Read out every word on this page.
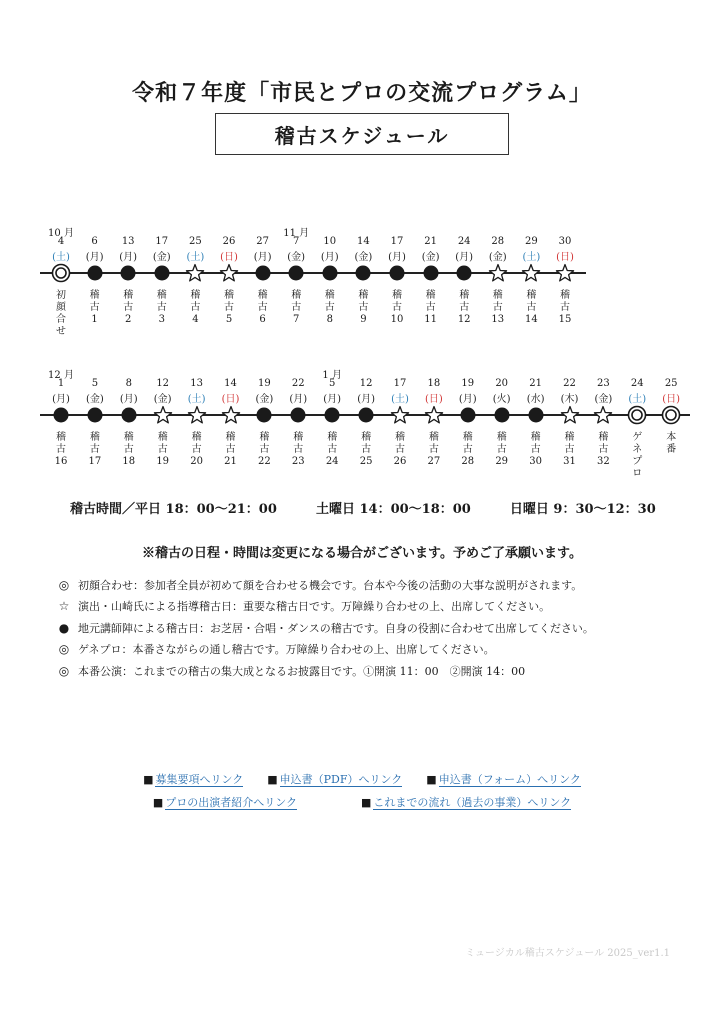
令和７年度「市民とプロの交流プログラム」
稽古スケジュール
10 月
4
(土)
初
顔
合
せ
6
(月)
稽
古
1
13
(月)
稽
古
2
17
(金)
稽
古
3
25
(土)
稽
古
4
26
(日)
稽
古
5
27
(月)
稽
古
6
11 月
7
(金)
稽
古
7
10
(月)
稽
古
8
14
(金)
稽
古
9
17
(月)
稽
古
10
21
(金)
稽
古
11
24
(月)
稽
古
12
28
(金)
稽
古
13
29
(土)
稽
古
14
30
(日)
稽
古
15
12 月
1
(月)
稽
古
16
5
(金)
稽
古
17
8
(月)
稽
古
18
12
(金)
稽
古
19
13
(土)
稽
古
20
14
(日)
稽
古
21
19
(金)
稽
古
22
22
(月)
稽
古
23
1 月
5
(月)
稽
古
24
12
(月)
稽
古
25
17
(土)
稽
古
26
18
(日)
稽
古
27
19
(月)
稽
古
28
20
(火)
稽
古
29
21
(水)
稽
古
30
22
(木)
稽
古
31
23
(金)
稽
古
32
24
(土)
ゲ
ネ
プ
ロ
25
(日)
本
番
稽古時間／平日 18：00～21：00	土曜日 14：00～18：00	日曜日 9：30～12：30
※稽古の日程・時間は変更になる場合がございます。予めご了承願います。
◎ 初顔合わせ：参加者全員が初めて顔を合わせる機会です。台本や今後の活動の大事な説明がされます。
☆ 演出・山崎氏による指導稽古日：重要な稽古日です。万障繰り合わせの上、出席してください。
● 地元講師陣による稽古日：お芝居・合唱・ダンスの稽古です。自身の役割に合わせて出席してください。
◎ ゲネプロ：本番さながらの通し稽古です。万障繰り合わせの上、出席してください。
◎ 本番公演：これまでの稽古の集大成となるお披露目です。①開演 11：00　②開演 14：00
■ 募集要項へリンク ■ 申込書（PDF）へリンク ■ 申込書（フォーム）へリンク
■ プロの出演者紹介へリンク	■ これまでの流れ（過去の事業）へリンク
ミュージカル稽古スケジュール 2025_ver1.1
